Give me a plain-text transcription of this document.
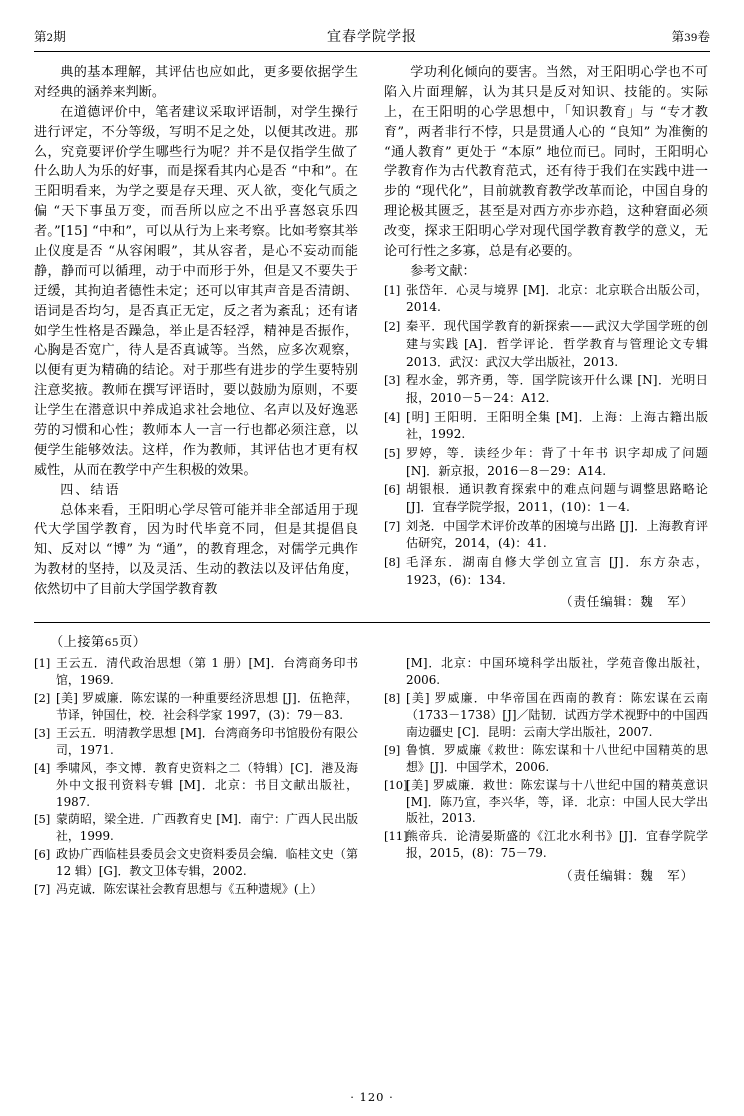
第2期	宜春学院学报	第39卷

典的基本理解，其评估也应如此，更多要依据学生对经典的涵养来判断。

在道德评价中，笔者建议采取评语制，对学生操行进行评定，不分等级，写明不足之处，以便其改进。那么，究竟要评价学生哪些行为呢？并不是仅指学生做了什么助人为乐的好事，而是探看其内心是否 “中和”。在王阳明看来，为学之要是存天理、灭人欲，变化气质之偏 “天下事虽万变，而吾所以应之不出乎喜怒哀乐四者。”[15] “中和”，可以从行为上来考察。比如考察其举止仪度是否 “从容闲暇”，其从容者，是心不妄动而能静，静而可以循理，动于中而形于外，但是又不要失于迂缓，其拘迫者德性未定；还可以审其声音是否清朗、语词是否均匀，是否真正无定，反之者为紊乱；还有诸如学生性格是否躁急，举止是否轻浮，精神是否振作，心胸是否宽广，待人是否真诚等。当然，应多次观察，以便有更为精确的结论。对于那些有进步的学生要特别注意奖掖。教师在撰写评语时，要以鼓励为原则，不要让学生在潜意识中养成追求社会地位、名声以及好逸恶劳的习惯和心性；教师本人一言一行也都必须注意，以便学生能够效法。这样，作为教师，其评估也才更有权威性，从而在教学中产生积极的效果。

四、结语

总体来看，王阳明心学尽管可能并非全部适用于现代大学国学教育，因为时代毕竟不同，但是其提倡良知、反对以 “博” 为 “通”，的教育理念，对儒学元典作为教材的坚持，以及灵活、生动的教法以及评估角度，依然切中了目前大学国学教育教

学功利化倾向的要害。当然，对王阳明心学也不可陷入片面理解，认为其只是反对知识、技能的。实际上，在王阳明的心学思想中，「知识教育」与 “专才教育”，两者非行不悖，只是贯通人心的 “良知” 为准衡的 “通人教育” 更处于 “本原” 地位而已。同时，王阳明心学教育作为古代教育范式，还有待于我们在实践中进一步的 “现代化”，目前就教育教学改革而论，中国自身的理论极其匮乏，甚至是对西方亦步亦趋，这种窘面必须改变，探求王阳明心学对现代国学教育教学的意义，无论可行性之多寡，总是有必要的。

参考文献：

[1] 张岱年．心灵与境界 [M]．北京：北京联合出版公司，2014.
[2] 秦平．现代国学教育的新探索——武汉大学国学班的创建与实践 [A]．哲学评论．哲学教育与管理论文专辑 2013．武汉：武汉大学出版社，2013.
[3] 程水金，郭齐勇，等．国学院该开什么课 [N]．光明日报，2010－5－24：A12.
[4] [明] 王阳明．王阳明全集 [M]．上海：上海古籍出版社，1992.
[5] 罗婷，等．读经少年：背了十年书 识字却成了问题 [N]．新京报，2016－8－29：A14.
[6] 胡银根．通识教育探索中的难点问题与调整思路略论 [J]．宜春学院学报，2011，(10)：1－4.
[7] 刘尧．中国学术评价改革的困境与出路 [J]．上海教育评估研究，2014，(4)：41.
[8] 毛泽东．湖南自修大学创立宣言 [J]．东方杂志，1923，(6)：134.
（责任编辑：魏　军）
（上接第65页）
[1] 王云五．清代政治思想（第 1 册）[M]．台湾商务印书馆，1969.
[2] [美] 罗威廉．陈宏谋的一种重要经济思想 [J]．伍艳萍，节译，钟国仕，校．社会科学家 1997，(3)：79－83.
[3] 王云五．明清教学思想 [M]．台湾商务印书馆股份有限公司，1971.
[4] 季啸风，李文博．教育史资料之二（特辑）[C]．港及海外中文报刊资料专辑 [M]．北京：书目文献出版社，1987.
[5] 蒙荫昭，梁全进．广西教育史 [M]．南宁：广西人民出版社，1999.
[6] 政协广西临桂县委员会文史资料委员会编．临桂文史（第 12 辑）[G]．教文卫体专辑，2002.
[7] 冯克诚．陈宏谋社会教育思想与《五种遗规》(上）
[M]．北京：中国环境科学出版社，学苑音像出版社，2006.
[8] [美] 罗威廉．中华帝国在西南的教育：陈宏谋在云南（1733－1738）[J]／陆韧．试西方学术视野中的中国西南边疆史 [C]．昆明：云南大学出版社，2007.
[9] 鲁慎．罗威廉《救世：陈宏谋和十八世纪中国精英的思想》[J]．中国学术，2006.
[10]
[美] 罗威廉．救世：陈宏谋与十八世纪中国的精英意识 [M]．陈乃宣，李兴华，等，译．北京：中国人民大学出版社，2013.
[11]
熊帝兵．论清晏斯盛的《江北水利书》[J]．宜春学院学报，2015，(8)：75－79.
（责任编辑：魏　军）
· 120 ·
